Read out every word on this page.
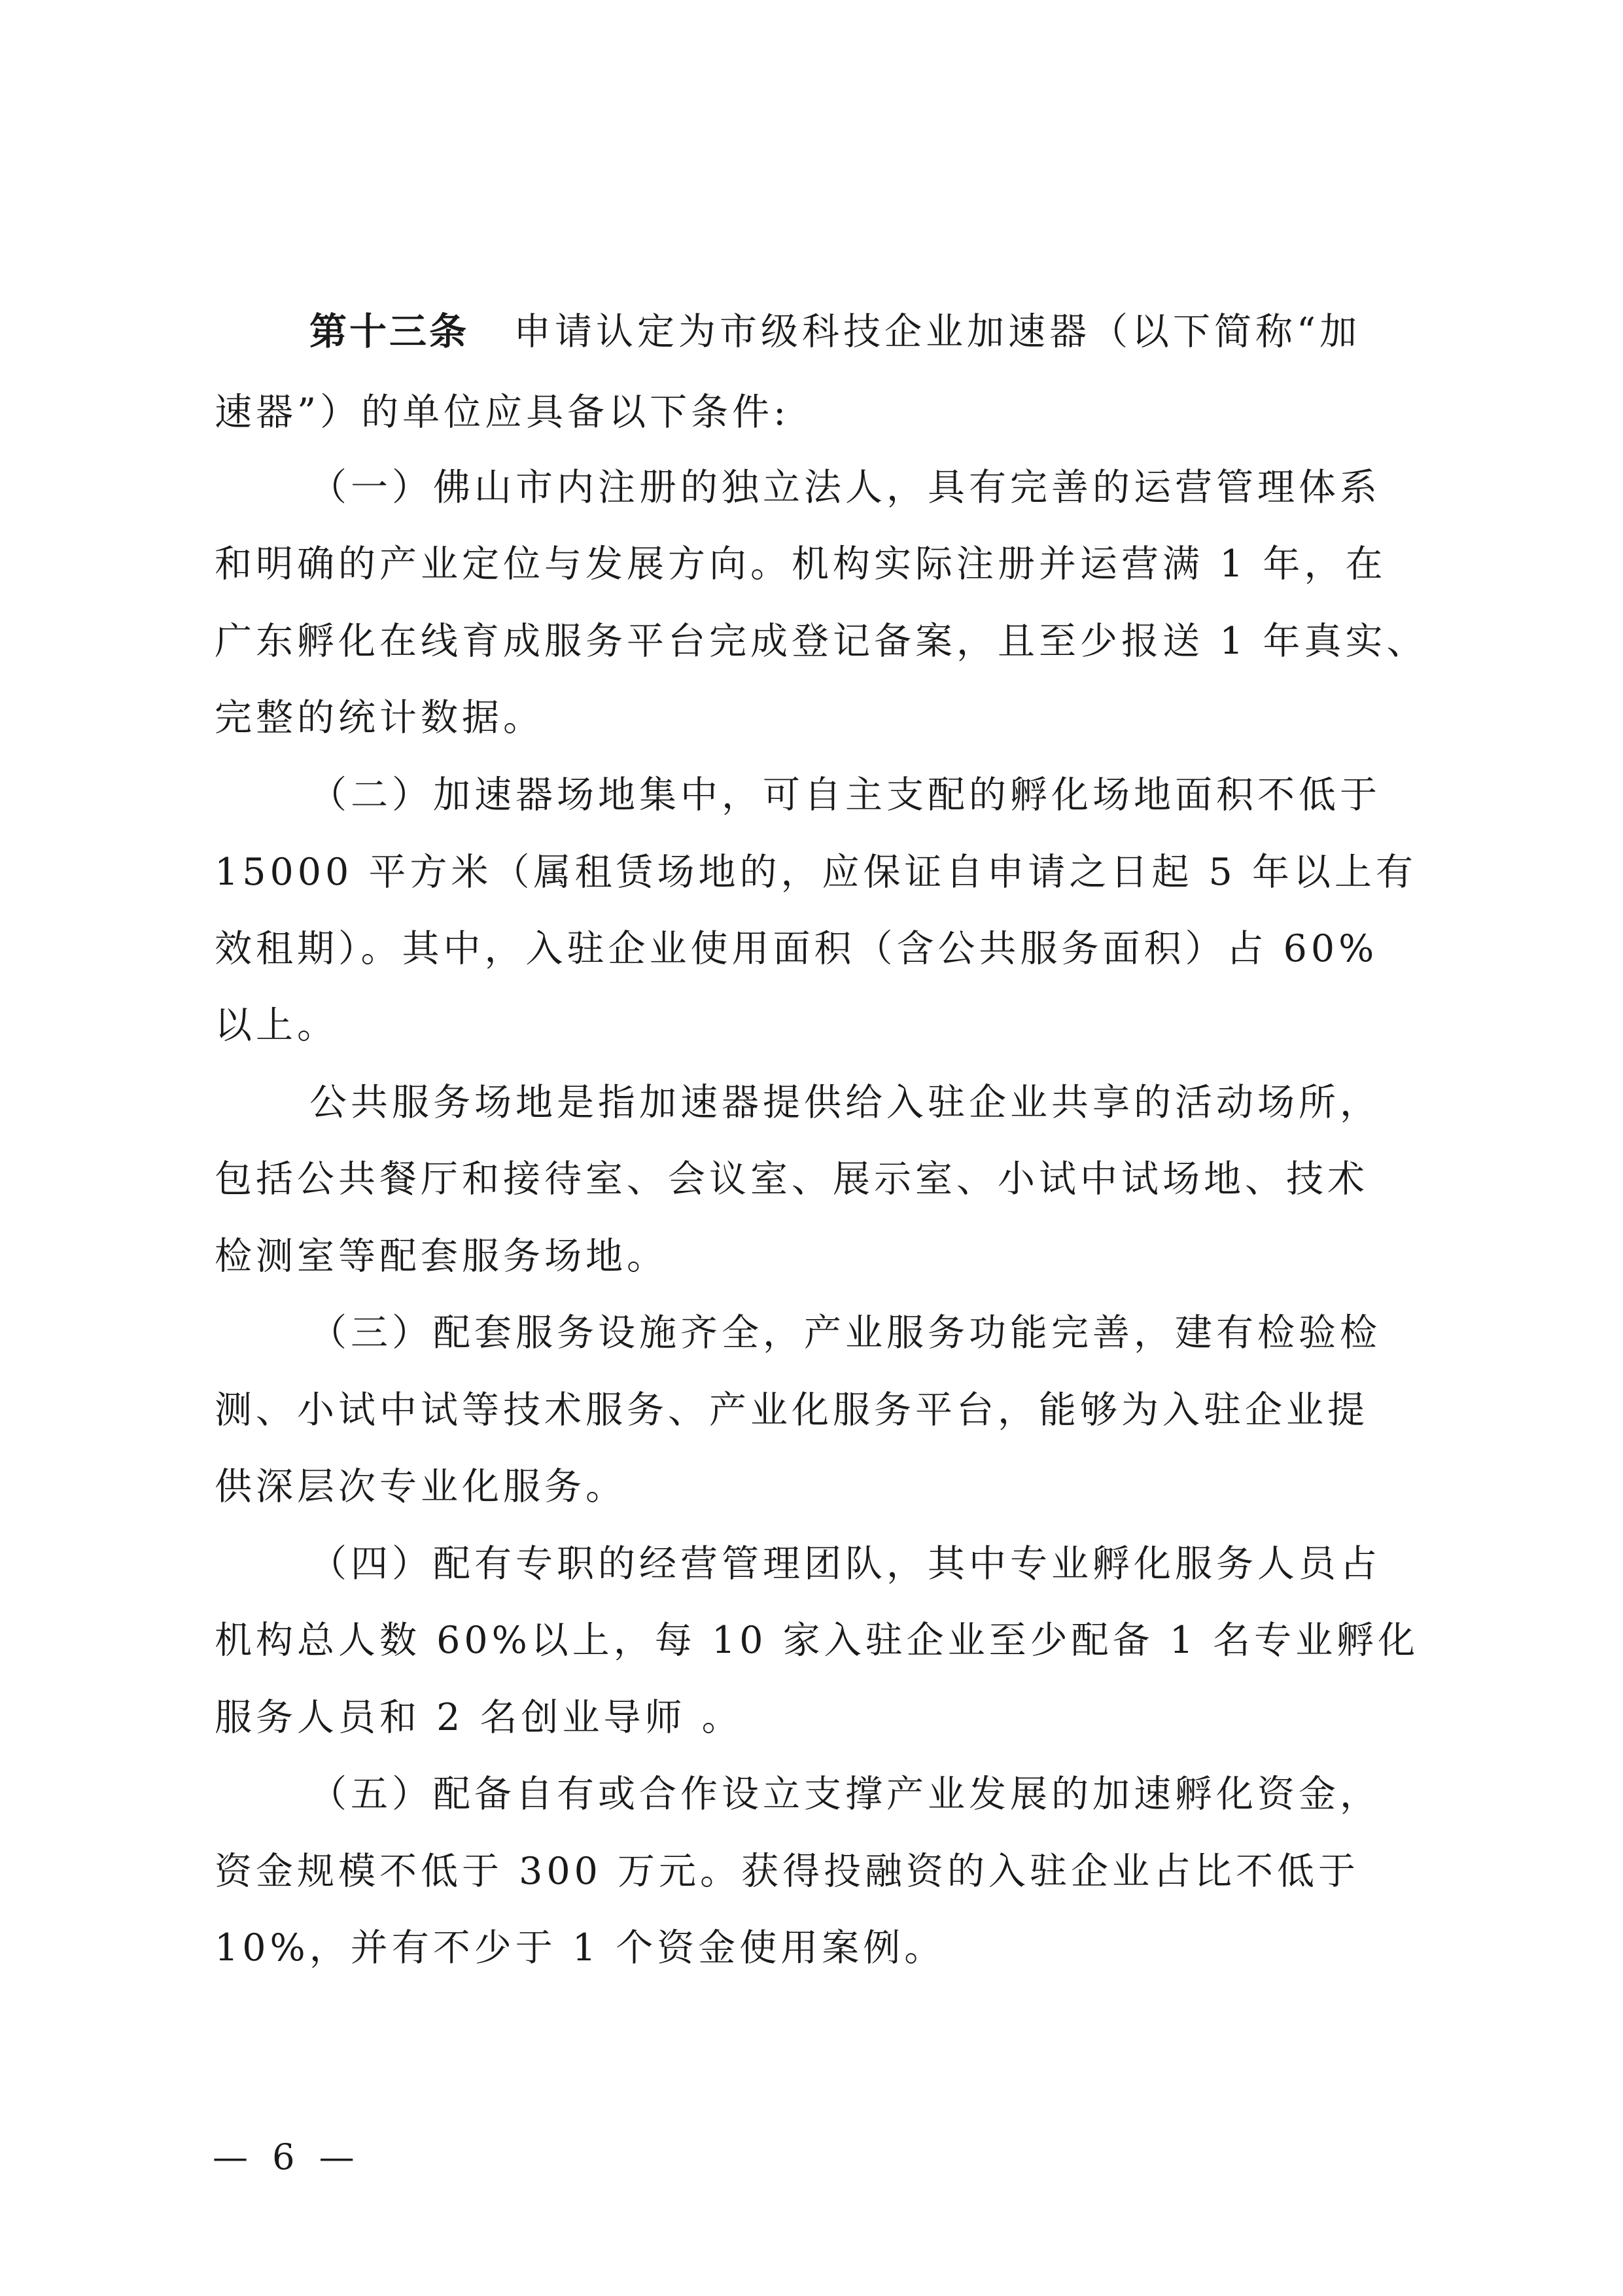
第十三条 申请认定为市级科技企业加速器（以下简称“加
速器”）的单位应具备以下条件:
（一）佛山市内注册的独立法人，具有完善的运营管理体系
和明确的产业定位与发展方向。机构实际注册并运营满 1 年，在
广东孵化在线育成服务平台完成登记备案，且至少报送 1 年真实、
完整的统计数据。
（二）加速器场地集中，可自主支配的孵化场地面积不低于
15000 平方米（属租赁场地的，应保证自申请之日起 5 年以上有
效租期）。其中，入驻企业使用面积（含公共服务面积）占 60%
以上。
公共服务场地是指加速器提供给入驻企业共享的活动场所，
包括公共餐厅和接待室、会议室、展示室、小试中试场地、技术
检测室等配套服务场地。
（三）配套服务设施齐全，产业服务功能完善，建有检验检
测、小试中试等技术服务、产业化服务平台，能够为入驻企业提
供深层次专业化服务。
（四）配有专职的经营管理团队，其中专业孵化服务人员占
机构总人数 60%以上，每 10 家入驻企业至少配备 1 名专业孵化
服务人员和 2 名创业导师 。
（五）配备自有或合作设立支撑产业发展的加速孵化资金，
资金规模不低于 300 万元。获得投融资的入驻企业占比不低于
10%，并有不少于 1 个资金使用案例。
— 6 —
